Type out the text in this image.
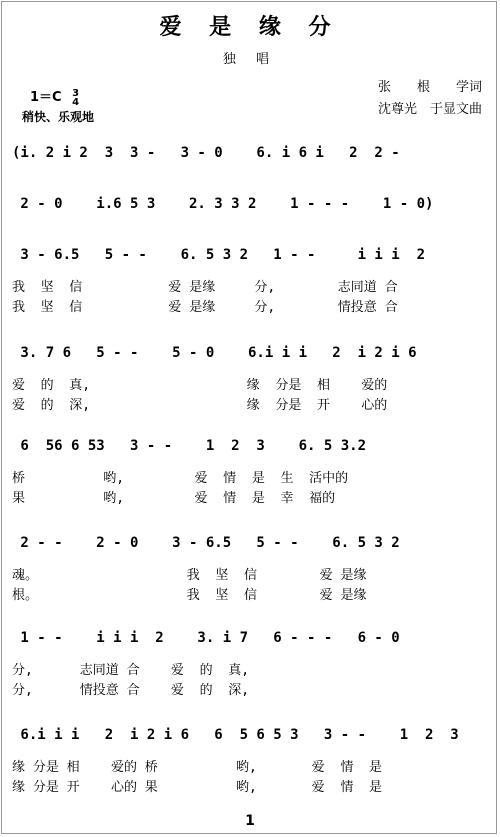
爱 是 缘 分
独 唱
1＝C 3
4
稍快、乐观地
张　　根　　学词
沈尊光　于显文曲
(i. 2 i 2  3  3 -   3 - 0    6. i 6 i   2  2 -
2 - 0    i.6 5 3    2. 3 3 2    1 - - -    1 - 0)
3 - 6.5   5 - -    6. 5 3 2   1 - -     i i i  2
我  坚  信           爱 是缘     分,        志同道 合
我  坚  信           爱 是缘     分,        情投意 合
3. 7 6   5 - -    5 - 0    6.i i i   2  i 2 i 6
爱  的  真,                    缘  分是  相    爱的
爱  的  深,                    缘  分是  开    心的
6  56 6 53   3 - -    1  2  3    6. 5 3.2
桥          哟,         爱  情  是  生  活中的
果          哟,         爱  情  是  幸  福的
2 - -    2 - 0    3 - 6.5   5 - -    6. 5 3 2
魂。                   我  坚  信        爱 是缘
根。                   我  坚  信        爱 是缘
1 - -    i i i  2    3. i 7   6 - - -   6 - 0
分,      志同道 合    爱  的  真,
分,      情投意 合    爱  的  深,
6.i i i   2  i 2 i 6   6  5 6 5 3   3 - -    1  2  3
缘 分是 相    爱的 桥          哟,       爱  情  是
缘 分是 开    心的 果          哟,       爱  情  是
1
